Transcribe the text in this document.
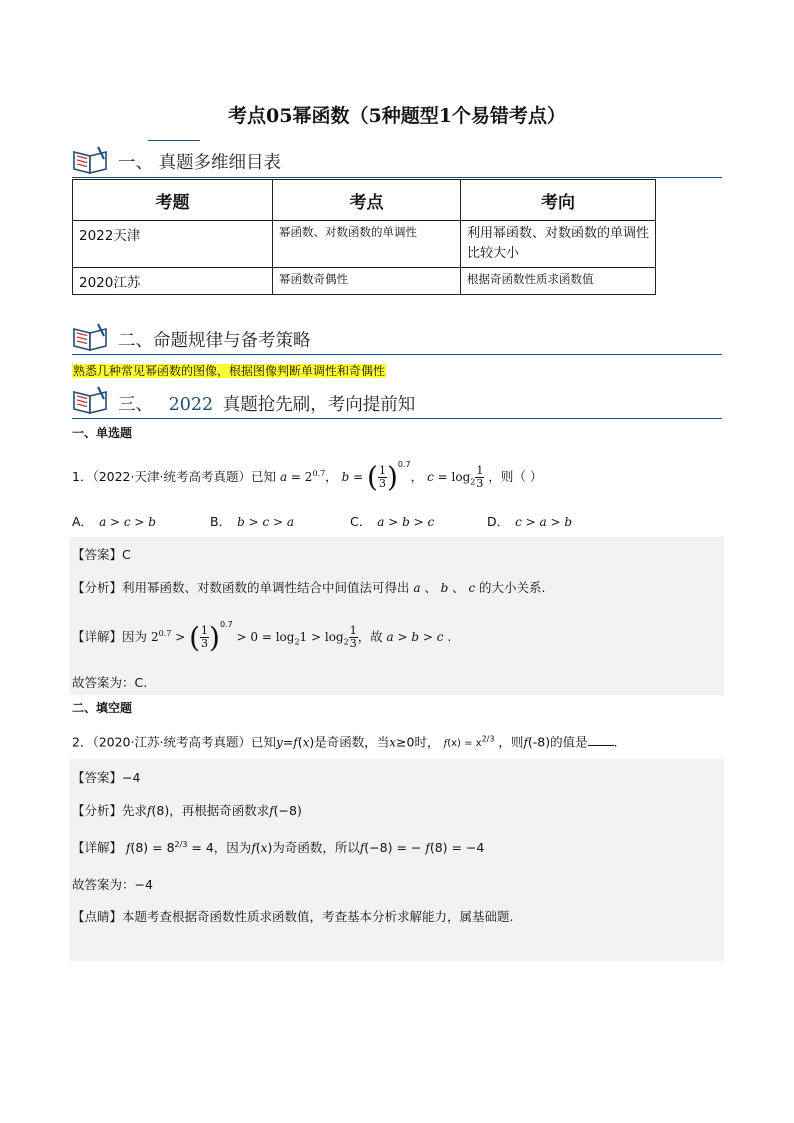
考点05幂函数（5种题型1个易错考点）
一、 真题多维细目表
考题	考点	考向
2022天津	幂函数、对数函数的单调性	利用幂函数、对数函数的单调性比较大小
2020江苏	幂函数奇偶性	根据奇函数性质求函数值
二、命题规律与备考策略
熟悉几种常见幂函数的图像，根据图像判断单调性和奇偶性
三、 2022 真题抢先刷，考向提前知
一、单选题
1．（2022·天津·统考高考真题）已知 $a = 2^{0.7}$， b = ( $\frac{1}{3} )^{0.7}$， $c = \log_2 \frac{1}{3}$ ，则（ ）
A． a > c > b	B． b > c > a	C． a > b > c	D． c > a > b
【答案】C
【分析】利用幂函数、对数函数的单调性结合中间值法可得出 a 、 b 、 c 的大小关系.
【详解】因为 $2^{0.7}$ > ( $\frac{1}{3} )^{0.7} > 0 = \log_21 > \log_2 \frac{1}{3}$ ，故 a > b > c .
故答案为：C.
二、填空题
2．（2020·江苏·统考高考真题）已知y=f(x)是奇函数，当x≥0时， $f(x) = x^{2/3}$ ，则f(-8)的值是 .
【答案】−4
【分析】先求f(8)，再根据奇函数求f(−8)
【详解】 $f(8) = 8^{2/3} = 4$，因为f(x)为奇函数，所以f(−8) = − f(8) = −4
故答案为：−4
【点睛】本题考查根据奇函数性质求函数值，考查基本分析求解能力，属基础题.
